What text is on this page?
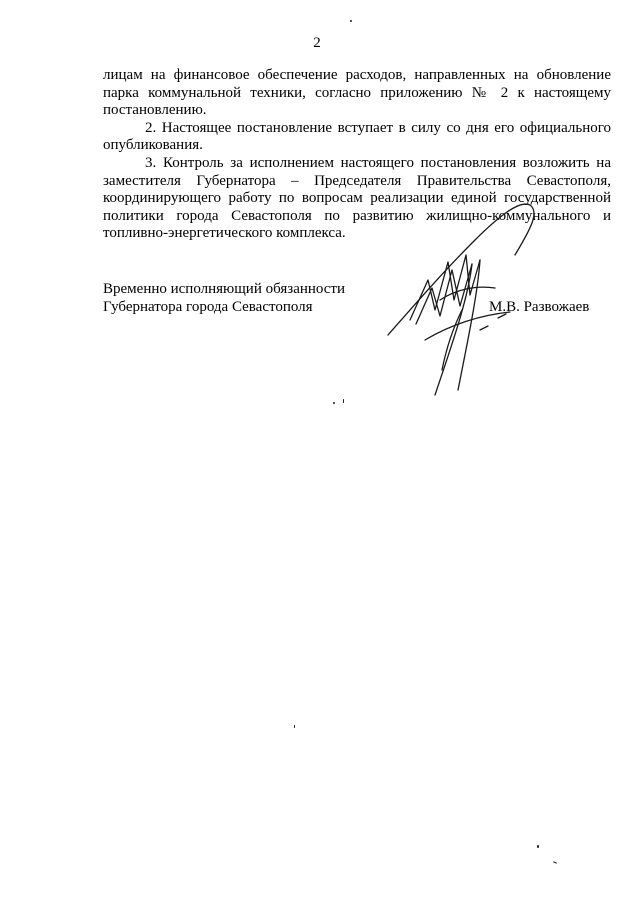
2

лицам на финансовое обеспечение расходов, направленных на обновление парка коммунальной техники, согласно приложению № 2 к настоящему постановлению.

2. Настоящее постановление вступает в силу со дня его официального опубликования.

3. Контроль за исполнением настоящего постановления возложить на заместителя Губернатора – Председателя Правительства Севастополя, координирующего работу по вопросам реализации единой государственной политики города Севастополя по развитию жилищно-коммунального и топливно-энергетического комплекса.

Временно исполняющий обязанности
Губернатора города Севастополя	М.В. Развожаев
